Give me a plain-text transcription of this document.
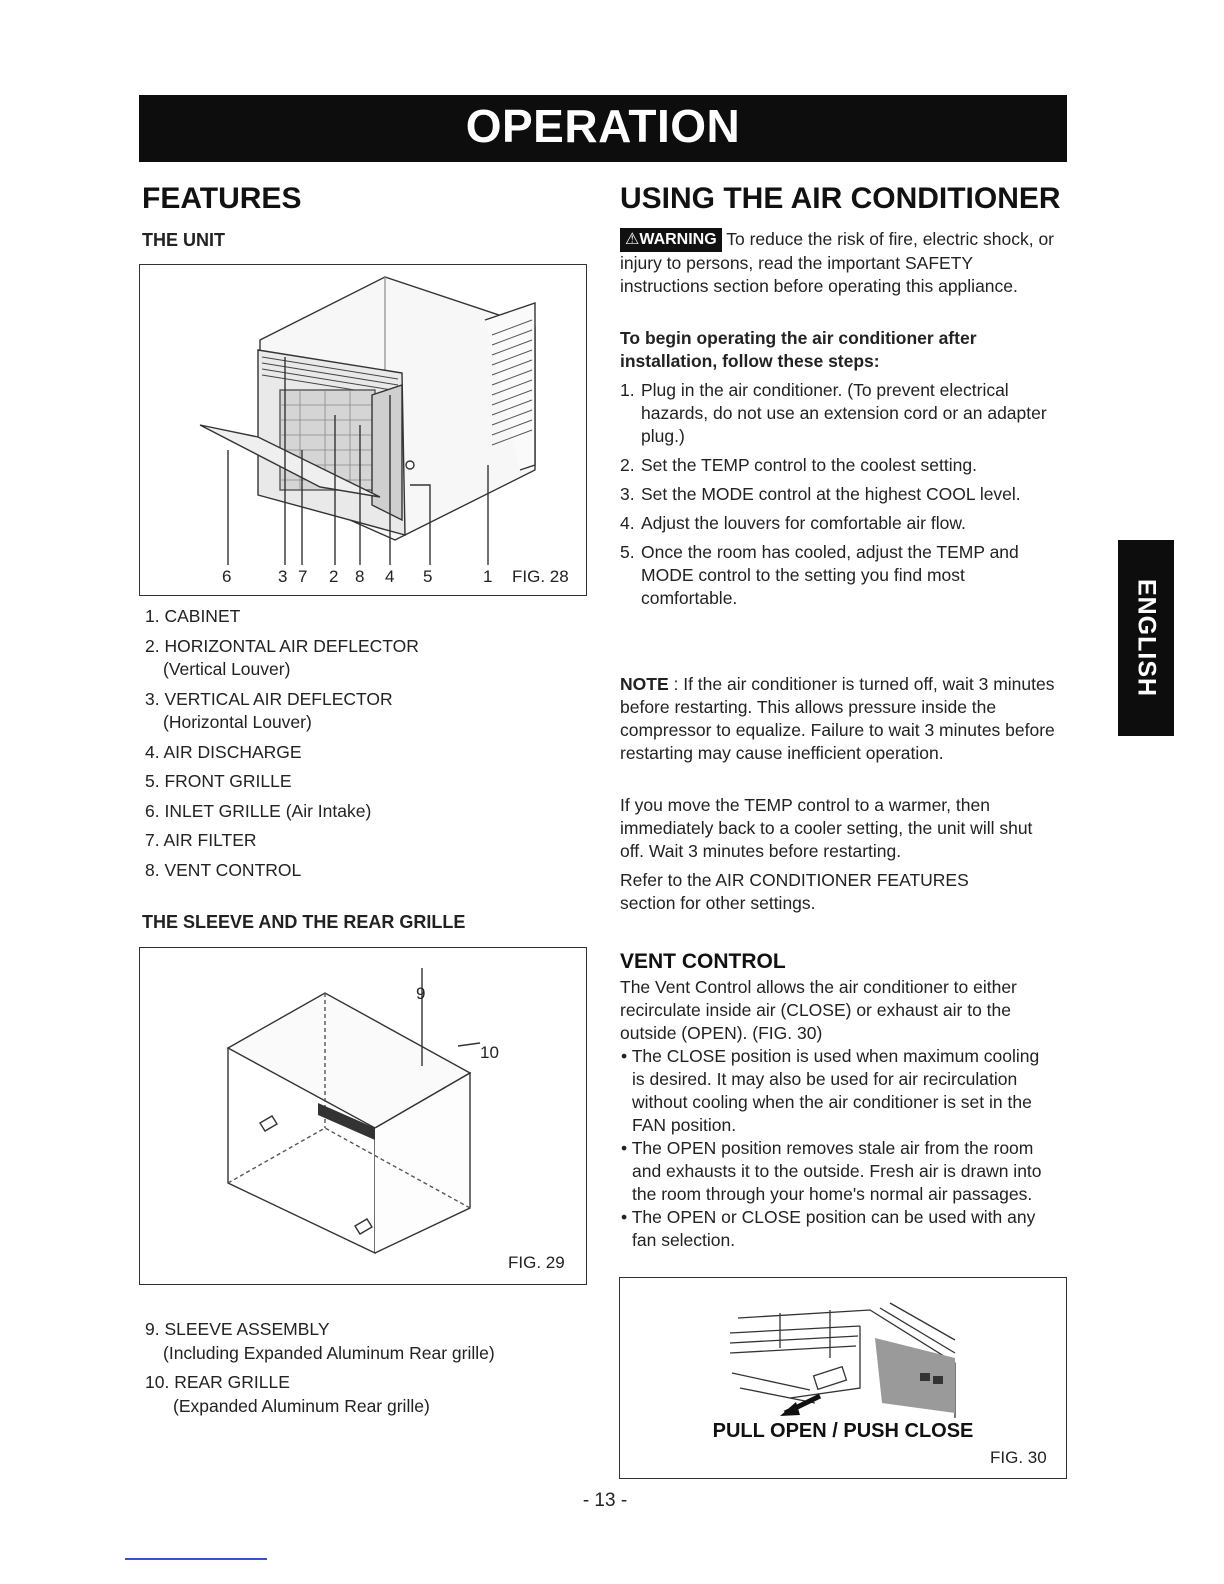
OPERATION
FEATURES
THE UNIT
6	3 7 2 8 4 5	1 FIG. 28
1. CABINET
2. HORIZONTAL AIR DEFLECTOR
(Vertical Louver)
3. VERTICAL AIR DEFLECTOR
(Horizontal Louver)
4. AIR DISCHARGE
5. FRONT GRILLE
6. INLET GRILLE (Air Intake)
7. AIR FILTER
8. VENT CONTROL
THE SLEEVE AND THE REAR GRILLE
9
10
FIG. 29
9. SLEEVE ASSEMBLY
(Including Expanded Aluminum Rear grille)
10. REAR GRILLE
(Expanded Aluminum Rear grille)
USING THE AIR CONDITIONER
⚠WARNING To reduce the risk of fire, electric shock, or injury to persons, read the important SAFETY instructions section before operating this appliance.
To begin operating the air conditioner after installation, follow these steps:
1. Plug in the air conditioner. (To prevent electrical hazards, do not use an extension cord or an adapter plug.)
2. Set the TEMP control to the coolest setting.
3. Set the MODE control at the highest COOL level.
4. Adjust the louvers for comfortable air flow.
5. Once the room has cooled, adjust the TEMP and MODE control to the setting you find most comfortable.
NOTE : If the air conditioner is turned off, wait 3 minutes before restarting. This allows pressure inside the compressor to equalize. Failure to wait 3 minutes before restarting may cause inefficient operation.
If you move the TEMP control to a warmer, then immediately back to a cooler setting, the unit will shut off. Wait 3 minutes before restarting.
Refer to the AIR CONDITIONER FEATURES section for other settings.
VENT CONTROL
The Vent Control allows the air conditioner to either recirculate inside air (CLOSE) or exhaust air to the outside (OPEN). (FIG. 30)
• The CLOSE position is used when maximum cooling is desired. It may also be used for air recirculation without cooling when the air conditioner is set in the FAN position.
• The OPEN position removes stale air from the room and exhausts it to the outside. Fresh air is drawn into the room through your home's normal air passages.
• The OPEN or CLOSE position can be used with any fan selection.
PULL OPEN / PUSH CLOSE
FIG. 30
ENGLISH
- 13 -
